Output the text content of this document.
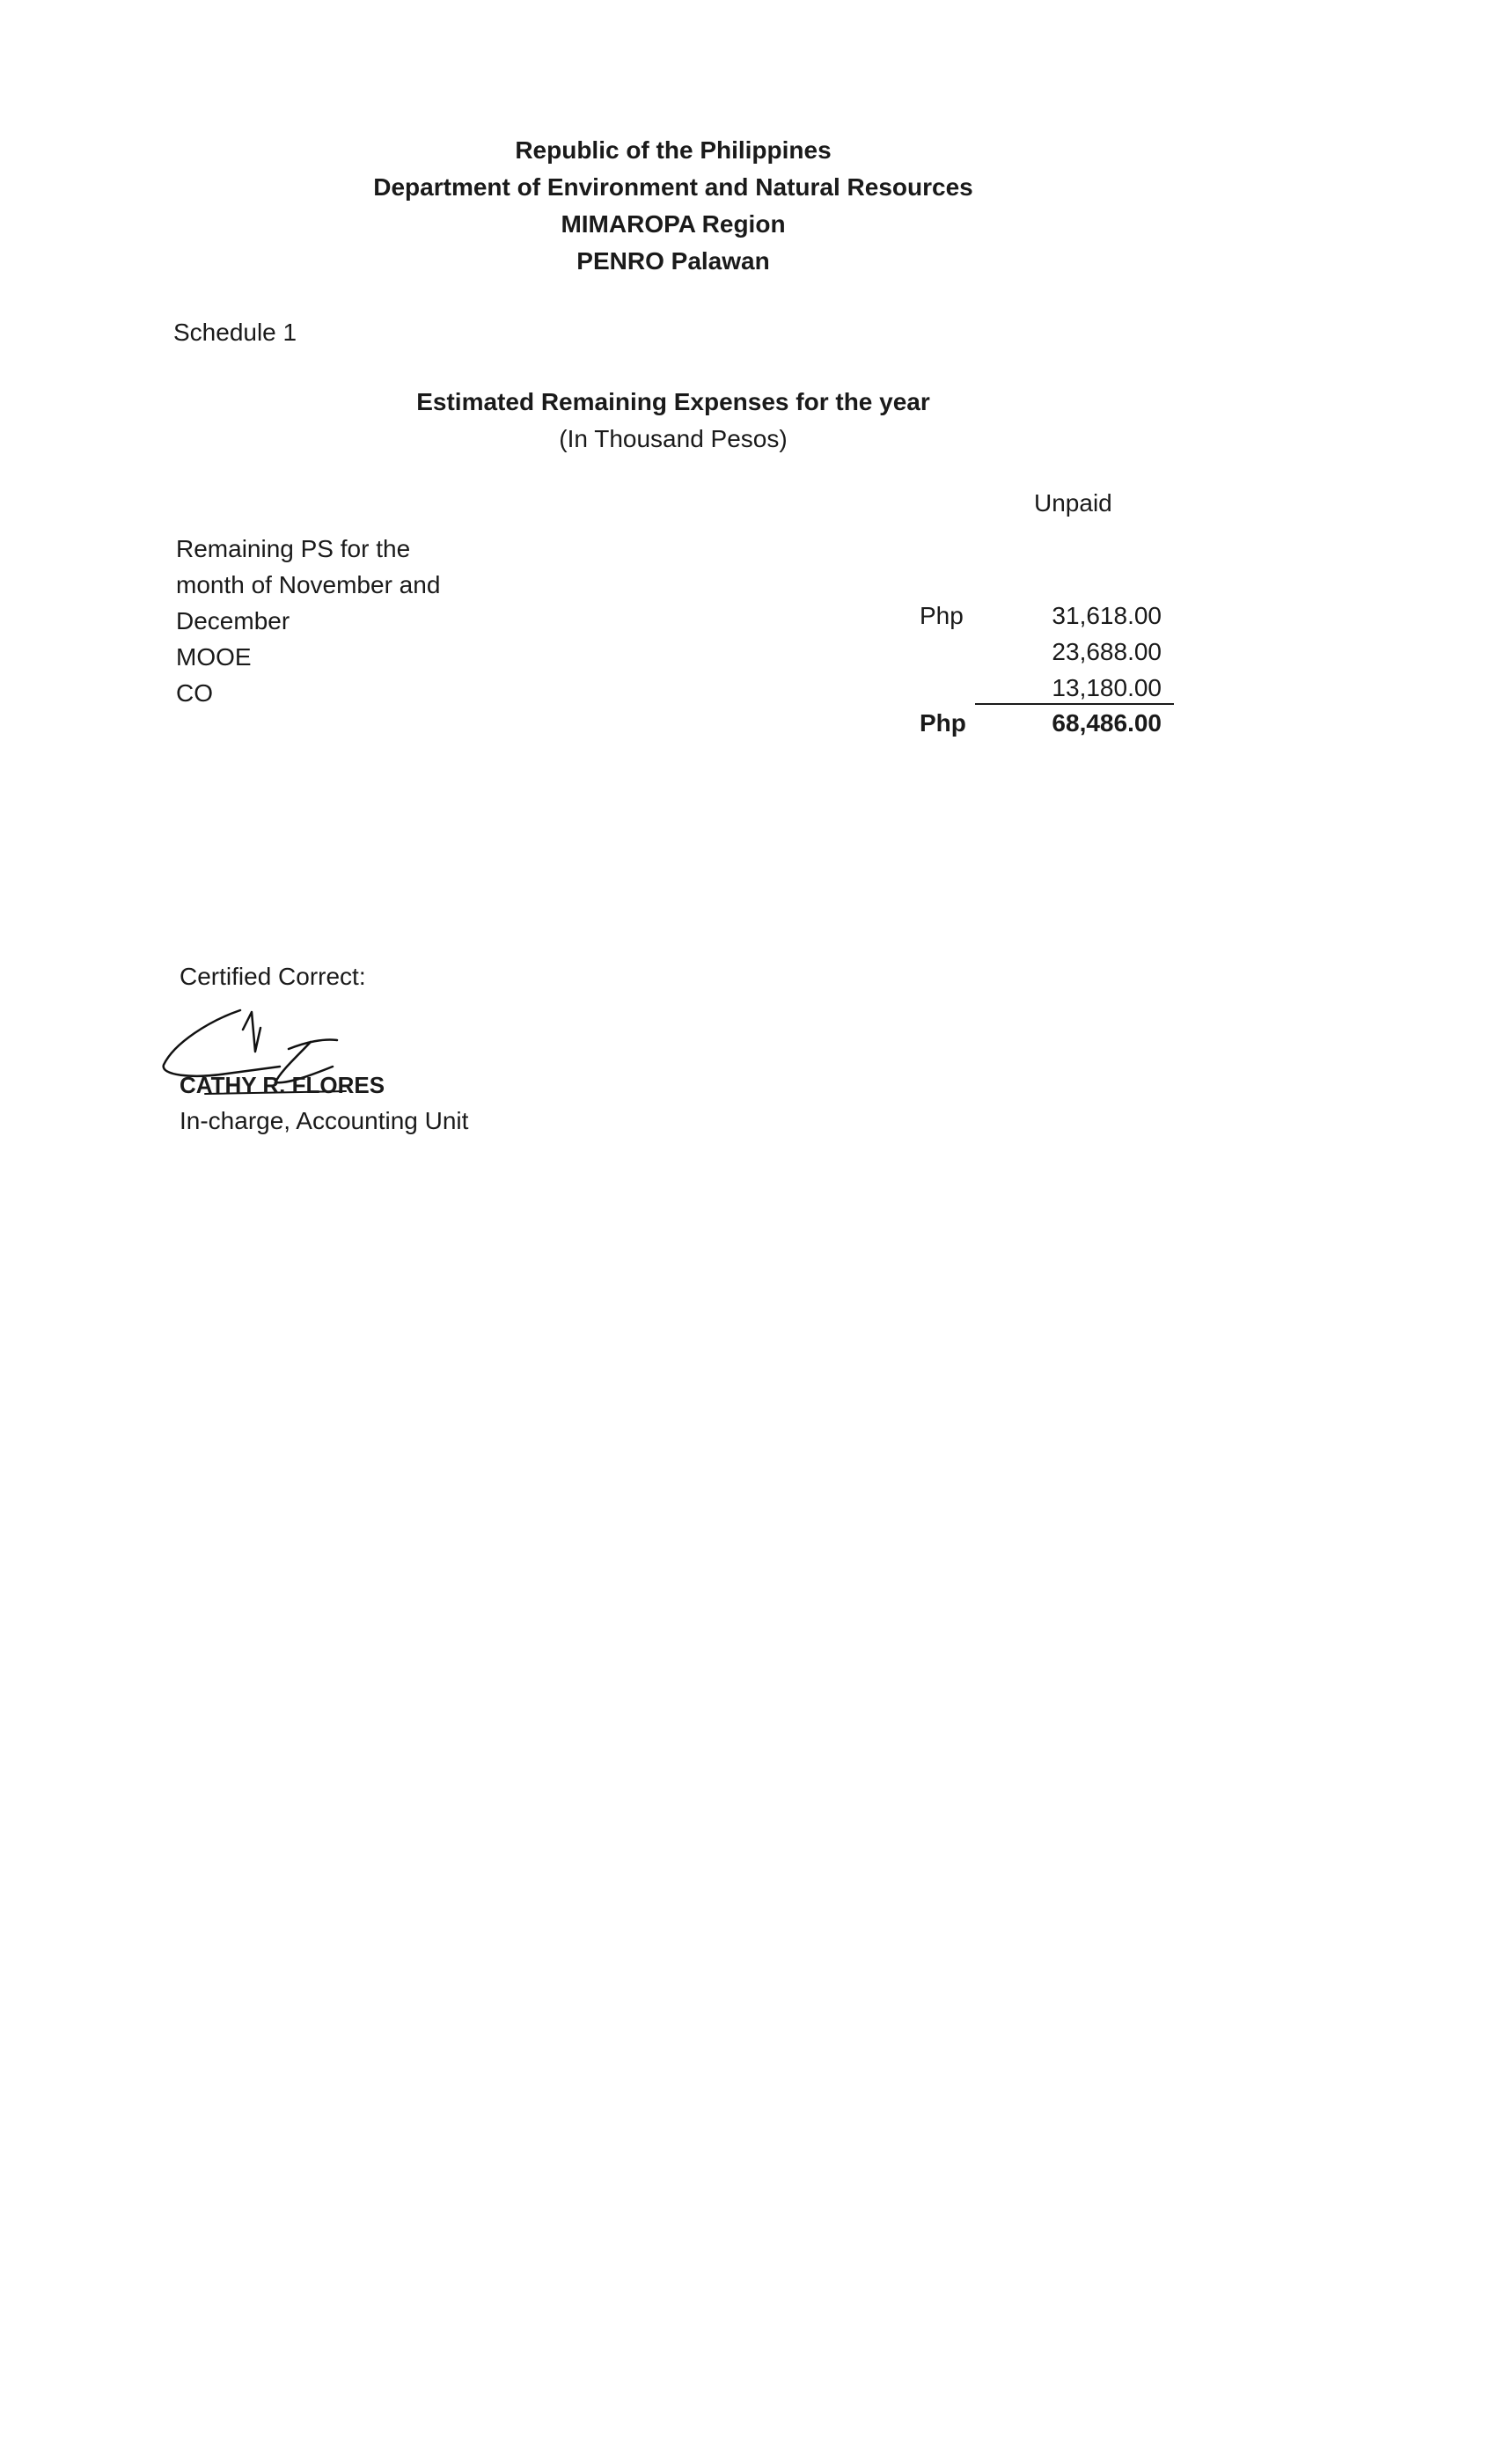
Republic of the Philippines
Department of Environment and Natural Resources
MIMAROPA Region
PENRO Palawan
Schedule 1
Estimated Remaining Expenses for the year
(In Thousand Pesos)
Unpaid
Remaining PS for the
month of November and
December
MOOE
CO
Php	31,618.00
23,688.00
13,180.00
Php	68,486.00
Certified Correct:
CATHY R. FLORES
In-charge, Accounting Unit
